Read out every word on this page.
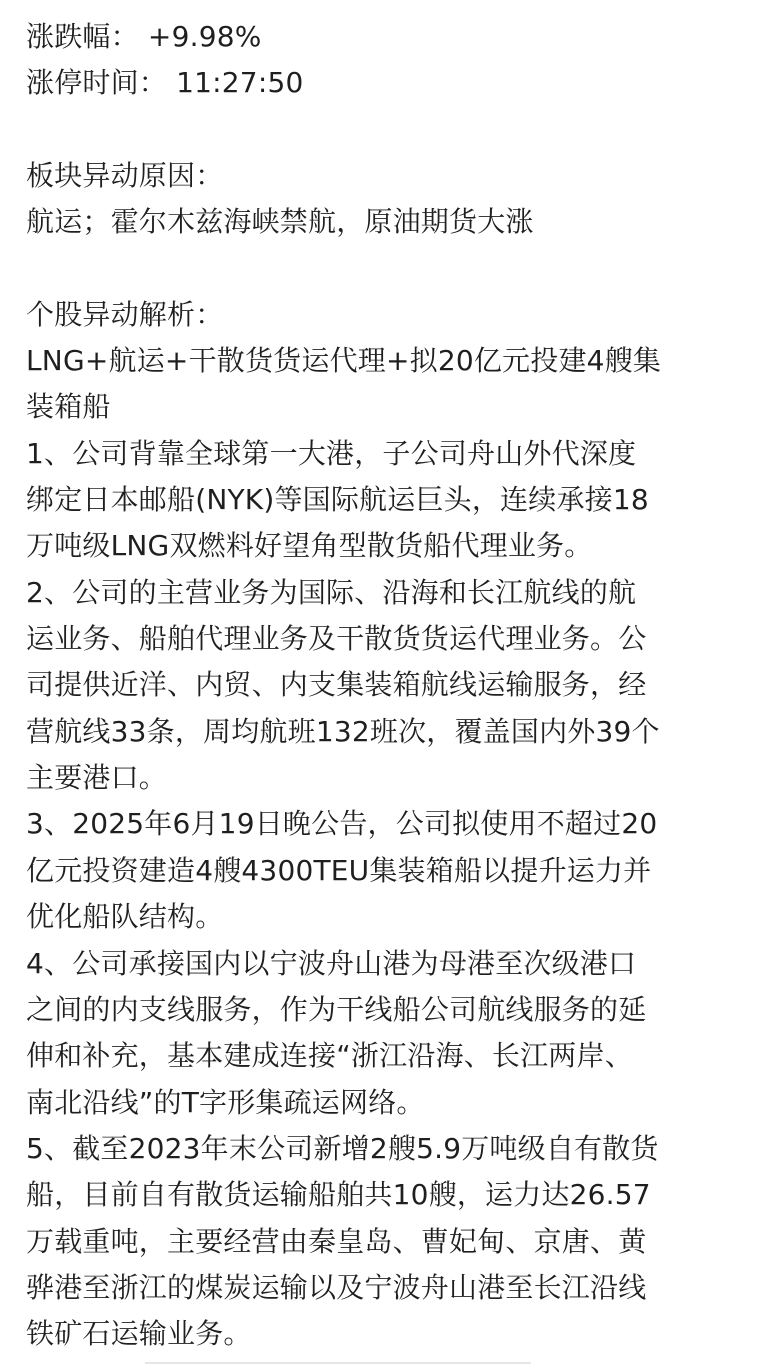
涨跌幅： +9.98%
涨停时间： 11:27:50
板块异动原因：
航运；霍尔木兹海峡禁航，原油期货大涨
个股异动解析：
LNG+航运+干散货货运代理+拟20亿元投建4艘集
装箱船
1、公司背靠全球第一大港，子公司舟山外代深度
绑定日本邮船(NYK)等国际航运巨头，连续承接18
万吨级LNG双燃料好望角型散货船代理业务。
2、公司的主营业务为国际、沿海和长江航线的航
运业务、船舶代理业务及干散货货运代理业务。公
司提供近洋、内贸、内支集装箱航线运输服务，经
营航线33条，周均航班132班次，覆盖国内外39个
主要港口。
3、2025年6月19日晚公告，公司拟使用不超过20
亿元投资建造4艘4300TEU集装箱船以提升运力并
优化船队结构。
4、公司承接国内以宁波舟山港为母港至次级港口
之间的内支线服务，作为干线船公司航线服务的延
伸和补充，基本建成连接“浙江沿海、长江两岸、
南北沿线”的T字形集疏运网络。
5、截至2023年末公司新增2艘5.9万吨级自有散货
船，目前自有散货运输船舶共10艘，运力达26.57
万载重吨，主要经营由秦皇岛、曹妃甸、京唐、黄
骅港至浙江的煤炭运输以及宁波舟山港至长江沿线
铁矿石运输业务。
